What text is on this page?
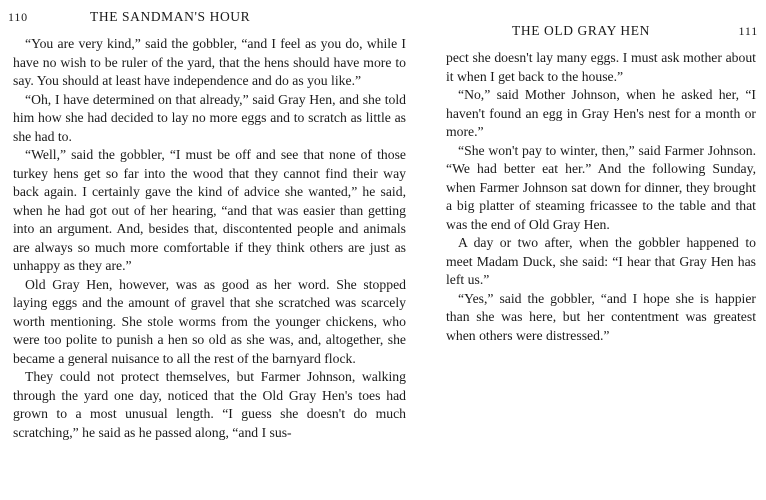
110	THE SANDMAN'S HOUR

“You are very kind,” said the gobbler, “and I feel as you do, while I have no wish to be ruler of the yard, that the hens should have more to say. You should at least have independence and do as you like.”

“Oh, I have determined on that already,” said Gray Hen, and she told him how she had decided to lay no more eggs and to scratch as little as she had to.

“Well,” said the gobbler, “I must be off and see that none of those turkey hens get so far into the wood that they cannot find their way back again. I certainly gave the kind of advice she wanted,” he said, when he had got out of her hearing, “and that was easier than getting into an argument. And, besides that, discontented people and animals are always so much more comfortable if they think others are just as unhappy as they are.”

Old Gray Hen, however, was as good as her word. She stopped laying eggs and the amount of gravel that she scratched was scarcely worth mentioning. She stole worms from the younger chickens, who were too polite to punish a hen so old as she was, and, altogether, she became a general nuisance to all the rest of the barnyard flock.

They could not protect themselves, but Farmer Johnson, walking through the yard one day, noticed that the Old Gray Hen's toes had grown to a most unusual length. “I guess she doesn't do much scratching,” he said as he passed along, “and I sus-

THE OLD GRAY HEN	111

pect she doesn't lay many eggs. I must ask mother about it when I get back to the house.”

“No,” said Mother Johnson, when he asked her, “I haven't found an egg in Gray Hen's nest for a month or more.”

“She won't pay to winter, then,” said Farmer Johnson. “We had better eat her.” And the following Sunday, when Farmer Johnson sat down for dinner, they brought a big platter of steaming fricassee to the table and that was the end of Old Gray Hen.

A day or two after, when the gobbler happened to meet Madam Duck, she said: “I hear that Gray Hen has left us.”

“Yes,” said the gobbler, “and I hope she is happier than she was here, but her contentment was greatest when others were distressed.”
